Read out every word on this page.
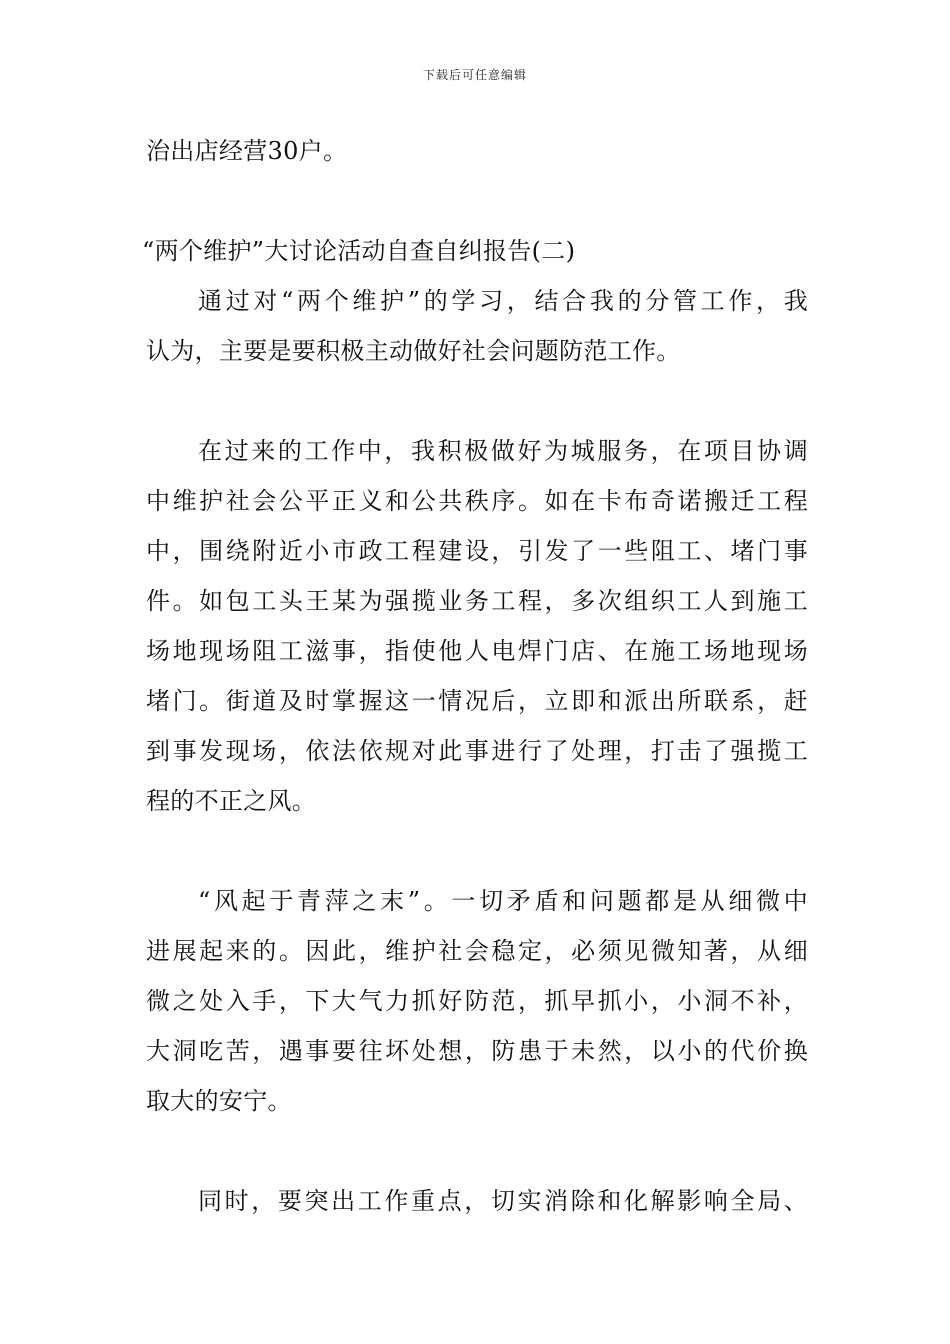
下载后可任意编辑
治出店经营30户。
“两个维护”大讨论活动自查自纠报告(二)
通过对“两个维护”的学习，结合我的分管工作，我
认为，主要是要积极主动做好社会问题防范工作。
在过来的工作中，我积极做好为城服务，在项目协调
中维护社会公平正义和公共秩序。如在卡布奇诺搬迁工程
中，围绕附近小市政工程建设，引发了一些阻工、堵门事
件。如包工头王某为强揽业务工程，多次组织工人到施工
场地现场阻工滋事，指使他人电焊门店、在施工场地现场
堵门。街道及时掌握这一情况后，立即和派出所联系，赶
到事发现场，依法依规对此事进行了处理，打击了强揽工
程的不正之风。
“风起于青萍之末”。一切矛盾和问题都是从细微中
进展起来的。因此，维护社会稳定，必须见微知著，从细
微之处入手，下大气力抓好防范，抓早抓小，小洞不补，
大洞吃苦，遇事要往坏处想，防患于未然，以小的代价换
取大的安宁。
同时，要突出工作重点，切实消除和化解影响全局、
